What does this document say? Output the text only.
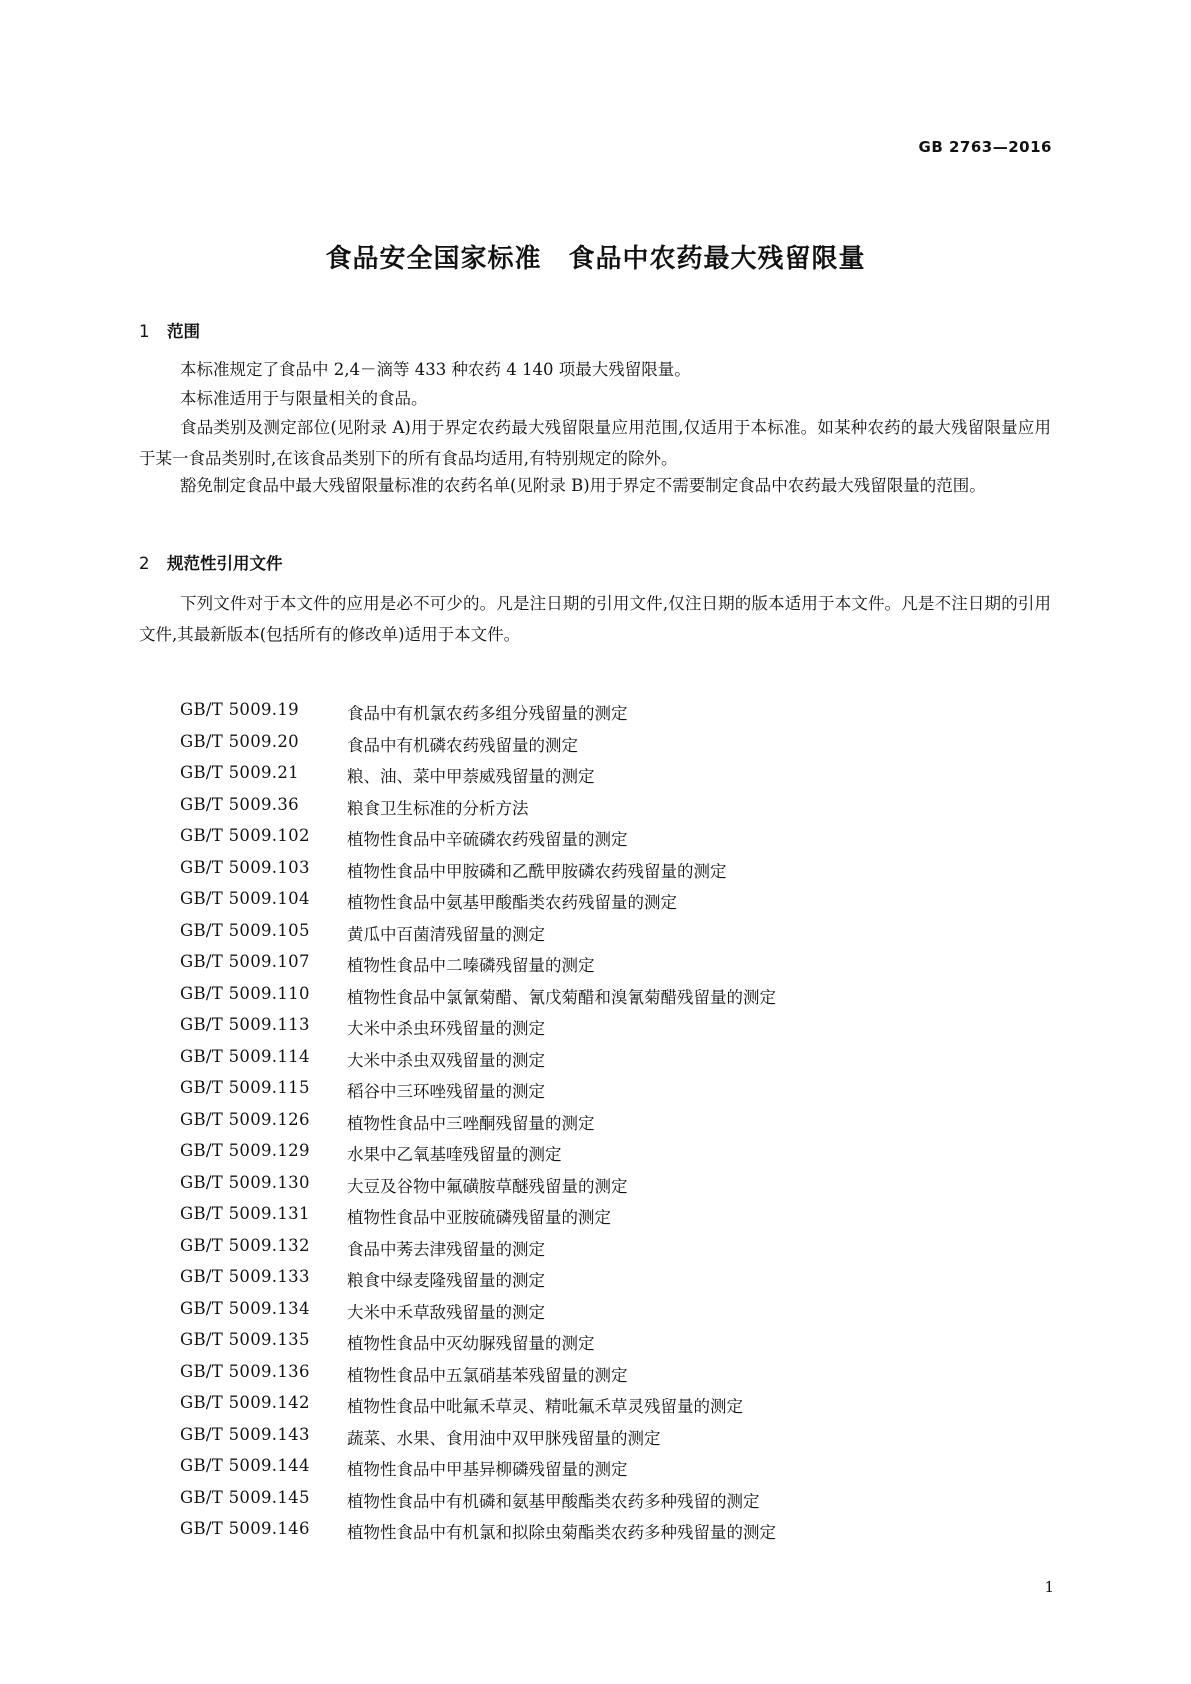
GB 2763—2016
食品安全国家标准　食品中农药最大残留限量
1 范围
本标准规定了食品中 2,4－滴等 433 种农药 4 140 项最大残留限量。
本标准适用于与限量相关的食品。
食品类别及测定部位(见附录 A)用于界定农药最大残留限量应用范围,仅适用于本标准。如某种农药的最大残留限量应用于某一食品类别时,在该食品类别下的所有食品均适用,有特别规定的除外。
豁免制定食品中最大残留限量标准的农药名单(见附录 B)用于界定不需要制定食品中农药最大残留限量的范围。
2 规范性引用文件
下列文件对于本文件的应用是必不可少的。凡是注日期的引用文件,仅注日期的版本适用于本文件。凡是不注日期的引用文件,其最新版本(包括所有的修改单)适用于本文件。
GB/T 5009.19	食品中有机氯农药多组分残留量的测定
GB/T 5009.20	食品中有机磷农药残留量的测定
GB/T 5009.21	粮、油、菜中甲萘威残留量的测定
GB/T 5009.36	粮食卫生标准的分析方法
GB/T 5009.102	植物性食品中辛硫磷农药残留量的测定
GB/T 5009.103	植物性食品中甲胺磷和乙酰甲胺磷农药残留量的测定
GB/T 5009.104	植物性食品中氨基甲酸酯类农药残留量的测定
GB/T 5009.105	黄瓜中百菌清残留量的测定
GB/T 5009.107	植物性食品中二嗪磷残留量的测定
GB/T 5009.110	植物性食品中氯氰菊醋、氰戊菊醋和溴氰菊醋残留量的测定
GB/T 5009.113	大米中杀虫环残留量的测定
GB/T 5009.114	大米中杀虫双残留量的测定
GB/T 5009.115	稻谷中三环唑残留量的测定
GB/T 5009.126	植物性食品中三唑酮残留量的测定
GB/T 5009.129	水果中乙氧基喹残留量的测定
GB/T 5009.130	大豆及谷物中氟磺胺草醚残留量的测定
GB/T 5009.131	植物性食品中亚胺硫磷残留量的测定
GB/T 5009.132	食品中莠去津残留量的测定
GB/T 5009.133	粮食中绿麦隆残留量的测定
GB/T 5009.134	大米中禾草敌残留量的测定
GB/T 5009.135	植物性食品中灭幼脲残留量的测定
GB/T 5009.136	植物性食品中五氯硝基苯残留量的测定
GB/T 5009.142	植物性食品中吡氟禾草灵、精吡氟禾草灵残留量的测定
GB/T 5009.143	蔬菜、水果、食用油中双甲脒残留量的测定
GB/T 5009.144	植物性食品中甲基异柳磷残留量的测定
GB/T 5009.145	植物性食品中有机磷和氨基甲酸酯类农药多种残留的测定
GB/T 5009.146	植物性食品中有机氯和拟除虫菊酯类农药多种残留量的测定
1
